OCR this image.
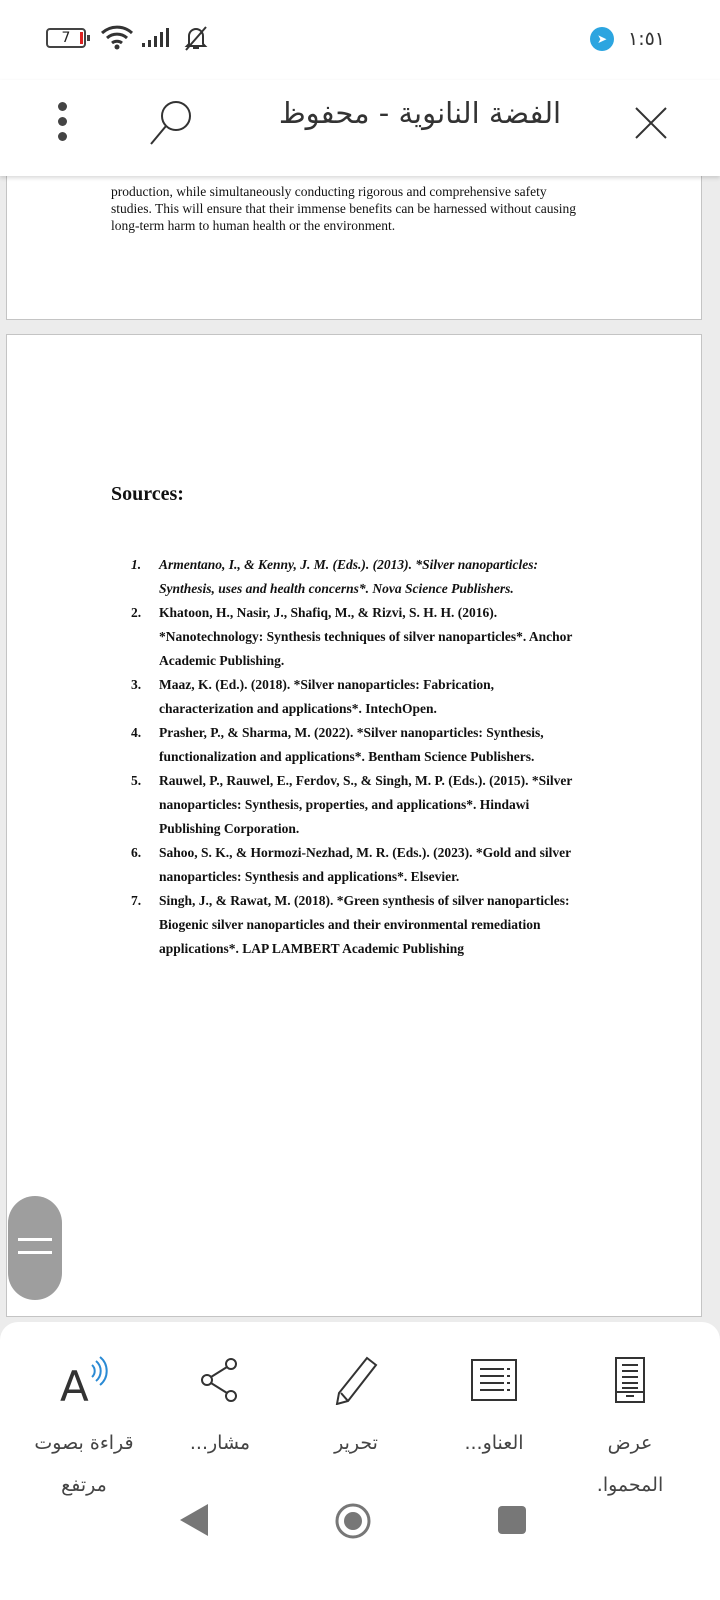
7	➤	١:٥١
الفضة النانوية - محفوظ
production, while simultaneously conducting rigorous and comprehensive safety
studies. This will ensure that their immense benefits can be harnessed without causing
long-term harm to human health or the environment.
Sources:
1. Armentano, I., & Kenny, J. M. (Eds.). (2013). *Silver nanoparticles:
Synthesis, uses and health concerns*. Nova Science Publishers.
2. Khatoon, H., Nasir, J., Shafiq, M., & Rizvi, S. H. H. (2016).
*Nanotechnology: Synthesis techniques of silver nanoparticles*. Anchor
Academic Publishing.
3. Maaz, K. (Ed.). (2018). *Silver nanoparticles: Fabrication,
characterization and applications*. IntechOpen.
4. Prasher, P., & Sharma, M. (2022). *Silver nanoparticles: Synthesis,
functionalization and applications*. Bentham Science Publishers.
5. Rauwel, P., Rauwel, E., Ferdov, S., & Singh, M. P. (Eds.). (2015). *Silver
nanoparticles: Synthesis, properties, and applications*. Hindawi
Publishing Corporation.
6. Sahoo, S. K., & Hormozi-Nezhad, M. R. (Eds.). (2023). *Gold and silver
nanoparticles: Synthesis and applications*. Elsevier.
7. Singh, J., & Rawat, M. (2018). *Green synthesis of silver nanoparticles:
Biogenic silver nanoparticles and their environmental remediation
applications*. LAP LAMBERT Academic Publishing
A
قراءة بصوت
مرتفع
مشار...	تحرير	العناو...	عرض
المحموا.
